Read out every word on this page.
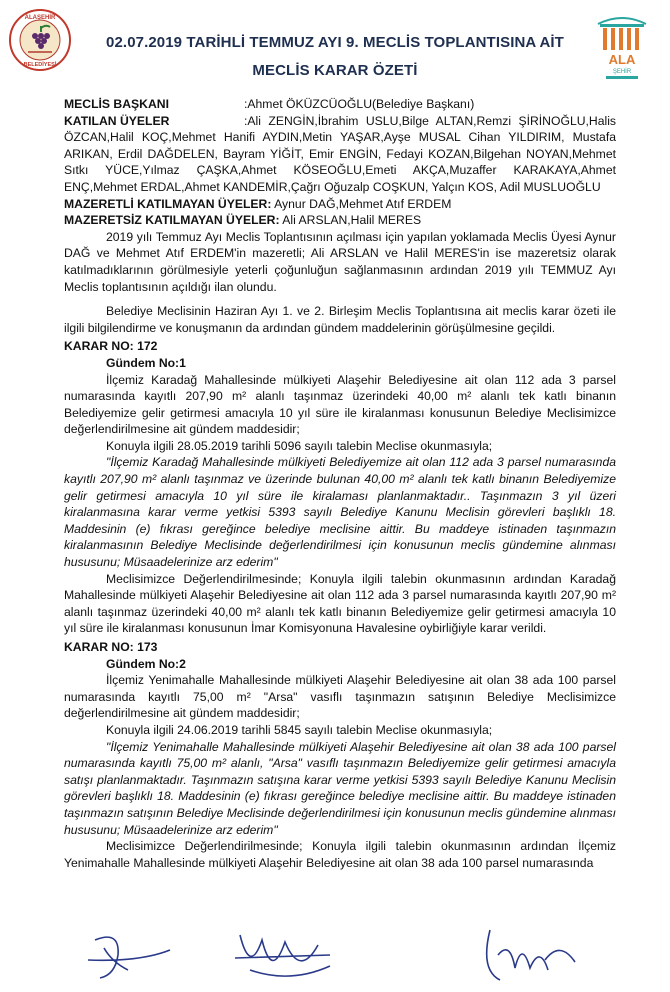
ALAŞEHİR
BELEDİYESİ
02.07.2019 TARİHLİ TEMMUZ AYI 9. MECLİS TOPLANTISINA AİT
MECLİS KARAR ÖZETİ
ALA
ŞEHİR
MECLİS BAŞKANI	:Ahmet ÖKÜZCÜOĞLU(Belediye Başkanı)

KATILAN ÜYELER	:Ali ZENGİN,İbrahim USLU,Bilge ALTAN,Remzi ŞİRİNOĞLU,Halis ÖZCAN,Halil KOÇ,Mehmet Hanifi AYDIN,Metin YAŞAR,Ayşe MUSAL Cihan YILDIRIM, Mustafa ARIKAN, Erdil DAĞDELEN, Bayram YİĞİT, Emir ENGİN, Fedayi KOZAN,Bilgehan NOYAN,Mehmet Sıtkı YÜCE,Yılmaz ÇAŞKA,Ahmet KÖSEOĞLU,Emeti AKÇA,Muzaffer KARAKAYA,Ahmet ENÇ,Mehmet ERDAL,Ahmet KANDEMİR,Çağrı Oğuzalp COŞKUN, Yalçın KOS, Adil MUSLUOĞLU

MAZERETLİ KATILMAYAN ÜYELER: Aynur DAĞ,Mehmet Atıf ERDEM

MAZERETSİZ KATILMAYAN ÜYELER: Ali ARSLAN,Halil MERES

2019 yılı Temmuz Ayı Meclis Toplantısının açılması için yapılan yoklamada Meclis Üyesi Aynur DAĞ ve Mehmet Atıf ERDEM'in mazeretli; Ali ARSLAN ve Halil MERES'in ise mazeretsiz olarak katılmadıklarının görülmesiyle yeterli çoğunluğun sağlanmasının ardından 2019 yılı TEMMUZ Ayı Meclis toplantısının açıldığı ilan olundu.

Belediye Meclisinin Haziran Ayı 1. ve 2. Birleşim Meclis Toplantısına ait meclis karar özeti ile ilgili bilgilendirme ve konuşmanın da ardından gündem maddelerinin görüşülmesine geçildi.

KARAR NO: 172
Gündem No:1

İlçemiz Karadağ Mahallesinde mülkiyeti Alaşehir Belediyesine ait olan 112 ada 3 parsel numarasında kayıtlı 207,90 m² alanlı taşınmaz üzerindeki 40,00 m² alanlı tek katlı binanın Belediyemize gelir getirmesi amacıyla 10 yıl süre ile kiralanması konusunun Belediye Meclisimizce değerlendirilmesine ait gündem maddesidir;

Konuyla ilgili 28.05.2019 tarihli 5096 sayılı talebin Meclise okunmasıyla;

"İlçemiz Karadağ Mahallesinde mülkiyeti Belediyemize ait olan 112 ada 3 parsel numarasında kayıtlı 207,90 m² alanlı taşınmaz ve üzerinde bulunan 40,00 m² alanlı tek katlı binanın Belediyemize gelir getirmesi amacıyla 10 yıl süre ile kiralaması planlanmaktadır.. Taşınmazın 3 yıl üzeri kiralanmasına karar verme yetkisi 5393 sayılı Belediye Kanunu Meclisin görevleri başlıklı 18. Maddesinin (e) fıkrası gereğince belediye meclisine aittir. Bu maddeye istinaden taşınmazın kiralanmasının Belediye Meclisinde değerlendirilmesi için konusunun meclis gündemine alınması hususunu; Müsaadelerinize arz ederim"

Meclisimizce Değerlendirilmesinde; Konuyla ilgili talebin okunmasının ardından Karadağ Mahallesinde mülkiyeti Alaşehir Belediyesine ait olan 112 ada 3 parsel numarasında kayıtlı 207,90 m² alanlı taşınmaz üzerindeki 40,00 m² alanlı tek katlı binanın Belediyemize gelir getirmesi amacıyla 10 yıl süre ile kiralanması konusunun İmar Komisyonuna Havalesine oybirliğiyle karar verildi.

KARAR NO: 173
Gündem No:2

İlçemiz Yenimahalle Mahallesinde mülkiyeti Alaşehir Belediyesine ait olan 38 ada 100 parsel numarasında kayıtlı 75,00 m² "Arsa" vasıflı taşınmazın satışının Belediye Meclisimizce değerlendirilmesine ait gündem maddesidir;

Konuyla ilgili 24.06.2019 tarihli 5845 sayılı talebin Meclise okunmasıyla;

"İlçemiz Yenimahalle Mahallesinde mülkiyeti Alaşehir Belediyesine ait olan 38 ada 100 parsel numarasında kayıtlı 75,00 m² alanlı, "Arsa" vasıflı taşınmazın Belediyemize gelir getirmesi amacıyla satışı planlanmaktadır. Taşınmazın satışına karar verme yetkisi 5393 sayılı Belediye Kanunu Meclisin görevleri başlıklı 18. Maddesinin (e) fıkrası gereğince belediye meclisine aittir. Bu maddeye istinaden taşınmazın satışının Belediye Meclisinde değerlendirilmesi için konusunun meclis gündemine alınması hususunu; Müsaadelerinize arz ederim"

Meclisimizce Değerlendirilmesinde; Konuyla ilgili talebin okunmasının ardından İlçemiz Yenimahalle Mahallesinde mülkiyeti Alaşehir Belediyesine ait olan 38 ada 100 parsel numarasında
